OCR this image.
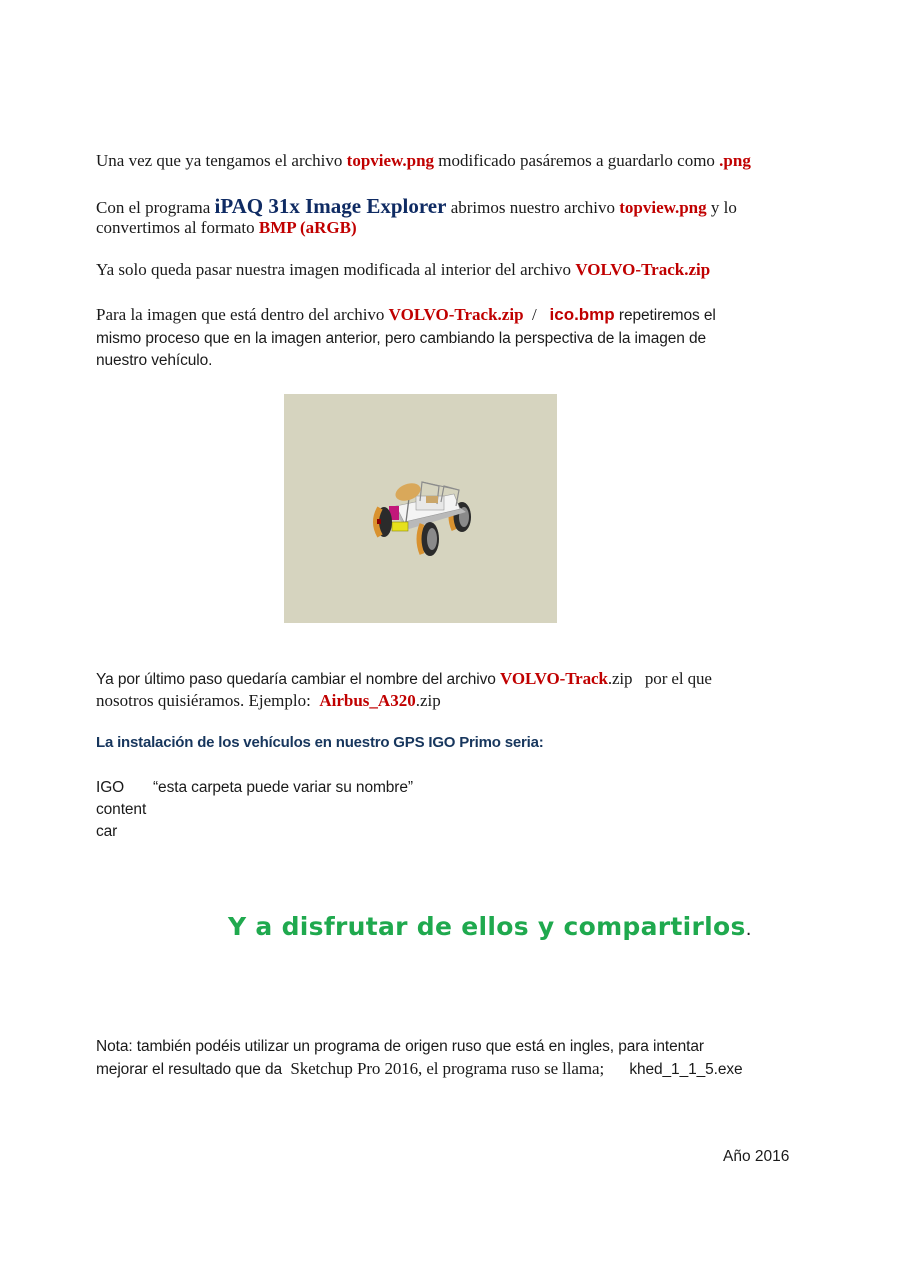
Una vez que ya tengamos el archivo topview.png modificado pasáremos a guardarlo como .png
Con el programa iPAQ 31x Image Explorer abrimos nuestro archivo topview.png y lo
convertimos al formato BMP (aRGB)
Ya solo queda pasar nuestra imagen modificada al interior del archivo VOLVO-Track.zip
Para la imagen que está dentro del archivo VOLVO-Track.zip  /   ico.bmp repetiremos el
mismo proceso que en la imagen anterior, pero cambiando la perspectiva de la imagen de
nuestro vehículo.
Ya por último paso quedaría cambiar el nombre del archivo VOLVO-Track.zip   por el que
nosotros quisiéramos. Ejemplo:  Airbus_A320.zip
La instalación de los vehículos en nuestro GPS IGO Primo seria:
IGO “esta carpeta puede variar su nombre”
content
car
Y a disfrutar de ellos y compartirlos.
Nota: también podéis utilizar un programa de origen ruso que está en ingles, para intentar
mejorar el resultado que da  Sketchup Pro 2016, el programa ruso se llama;      khed_1_1_5.exe
Año 2016
